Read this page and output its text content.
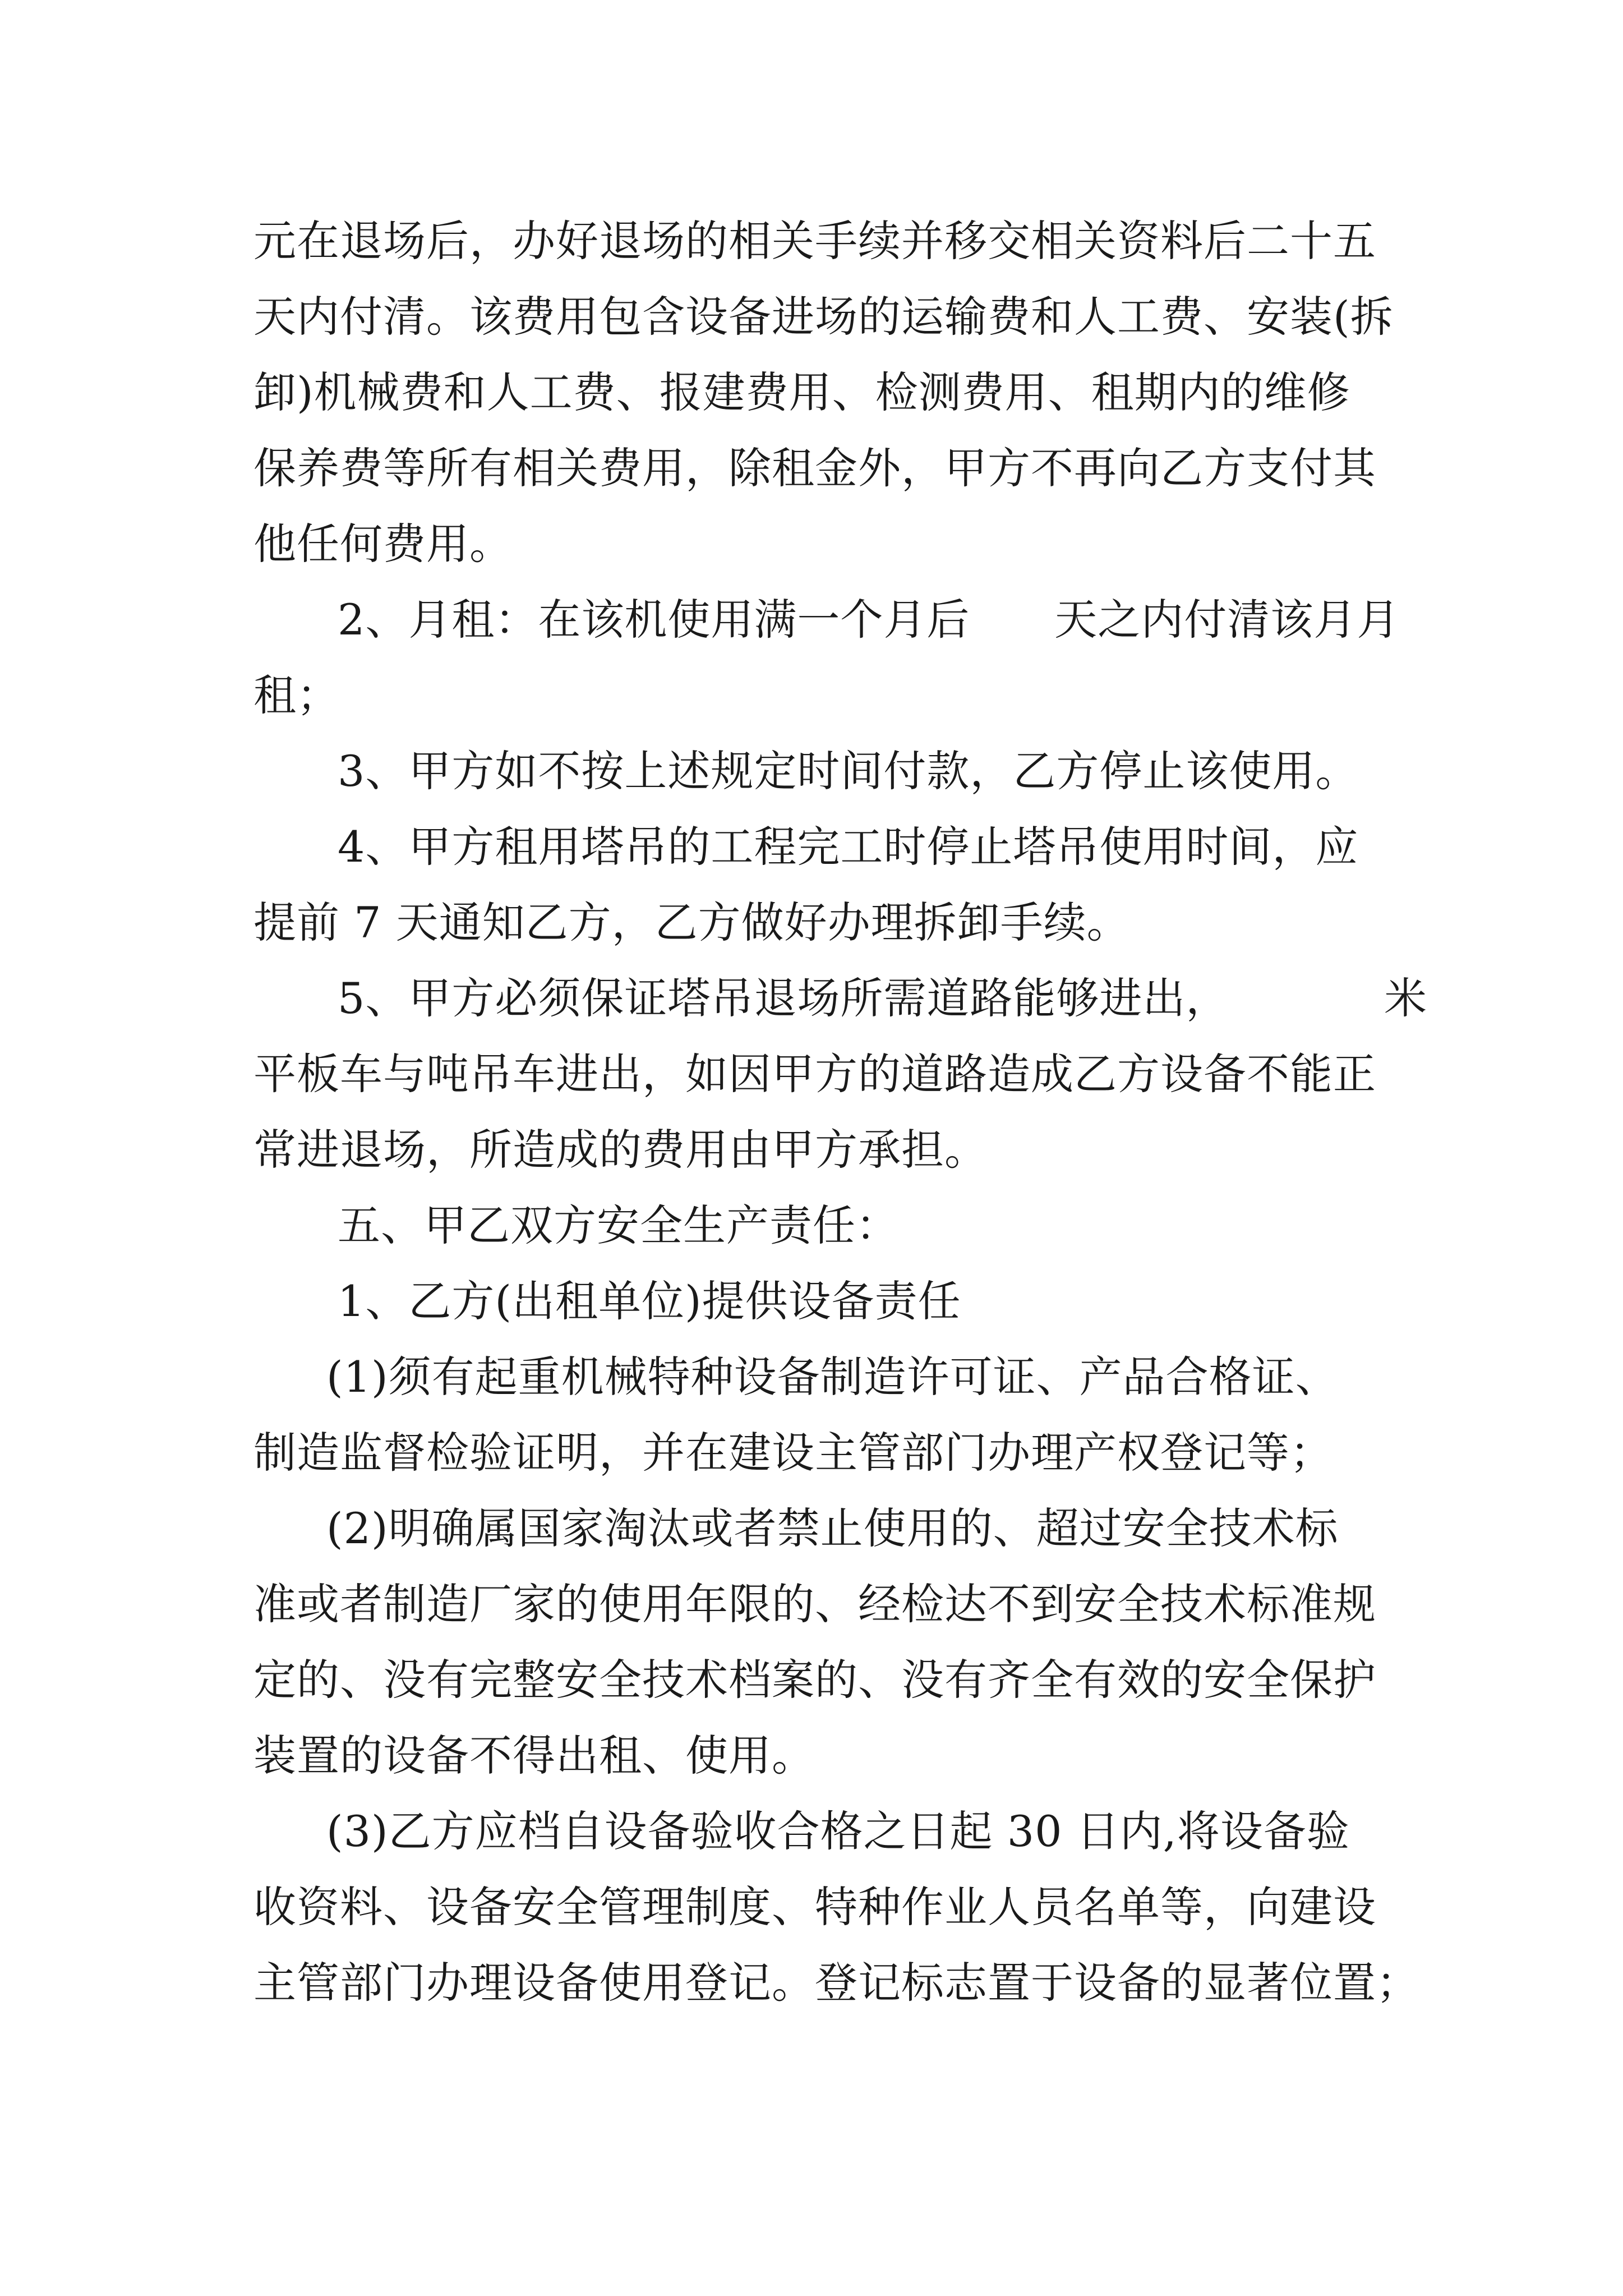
元在退场后，办好退场的相关手续并移交相关资料后二十五
天内付清。该费用包含设备进场的运输费和人工费、安装(拆
卸)机械费和人工费、报建费用、检测费用、租期内的维修
保养费等所有相关费用，除租金外，甲方不再向乙方支付其
他任何费用。
2、月租：在该机使用满一个月后      天之内付清该月月
租；
3、甲方如不按上述规定时间付款，乙方停止该使用。
4、甲方租用塔吊的工程完工时停止塔吊使用时间，应
提前 7 天通知乙方，乙方做好办理拆卸手续。
5、甲方必须保证塔吊退场所需道路能够进出，           米
平板车与吨吊车进出，如因甲方的道路造成乙方设备不能正
常进退场，所造成的费用由甲方承担。
五、甲乙双方安全生产责任：
1、乙方(出租单位)提供设备责任
(1)须有起重机械特种设备制造许可证、产品合格证、
制造监督检验证明，并在建设主管部门办理产权登记等；
(2)明确属国家淘汰或者禁止使用的、超过安全技术标
准或者制造厂家的使用年限的、经检达不到安全技术标准规
定的、没有完整安全技术档案的、没有齐全有效的安全保护
装置的设备不得出租、使用。
(3)乙方应档自设备验收合格之日起 30 日内,将设备验
收资料、设备安全管理制度、特种作业人员名单等，向建设
主管部门办理设备使用登记。登记标志置于设备的显著位置；
